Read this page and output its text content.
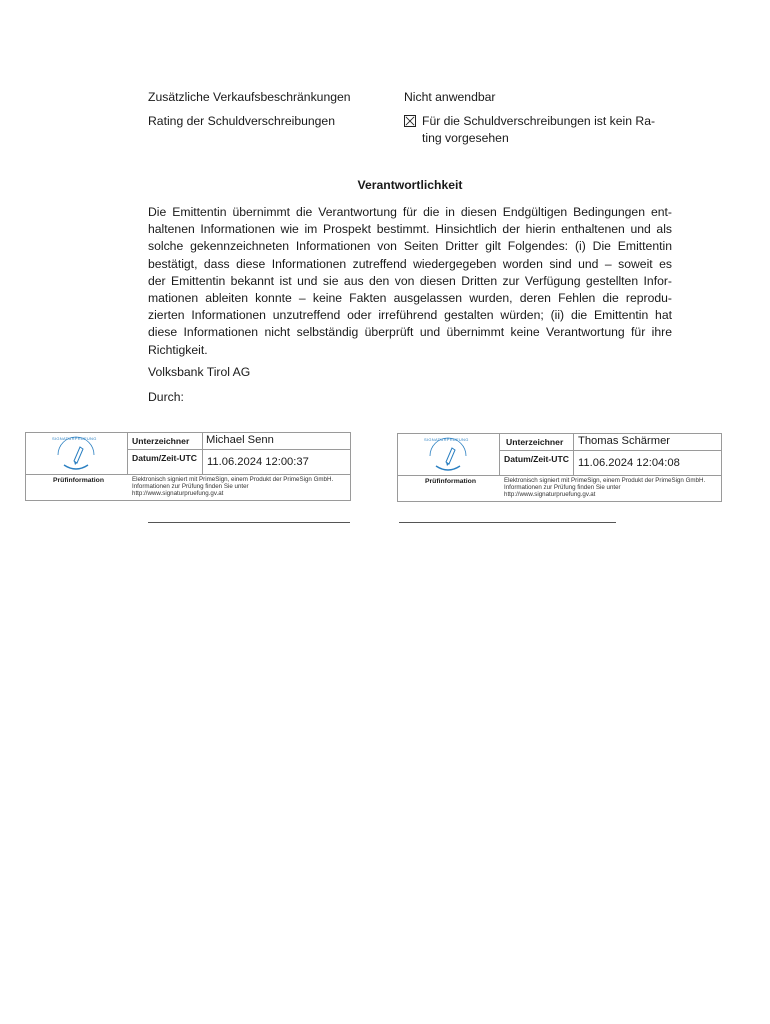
Zusätzliche Verkaufsbeschränkungen	Nicht anwendbar
Rating der Schuldverschreibungen	Für die Schuldverschreibungen ist kein Ra-
ting vorgesehen
Verantwortlichkeit
Die Emittentin übernimmt die Verantwortung für die in diesen Endgültigen Bedingungen ent-
haltenen Informationen wie im Prospekt bestimmt. Hinsichtlich der hierin enthaltenen und als
solche gekennzeichneten Informationen von Seiten Dritter gilt Folgendes: (i) Die Emittentin
bestätigt, dass diese Informationen zutreffend wiedergegeben worden sind und – soweit es
der Emittentin bekannt ist und sie aus den von diesen Dritten zur Verfügung gestellten Infor-
mationen ableiten konnte – keine Fakten ausgelassen wurden, deren Fehlen die reprodu-
zierten Informationen unzutreffend oder irreführend gestalten würden; (ii) die Emittentin hat
diese Informationen nicht selbständig überprüft und übernimmt keine Verantwortung für ihre
Richtigkeit.
Volksbank Tirol AG
Durch:
SIGNATURPRÜFUNG	Unterzeichner Michael Senn
Datum/Zeit-UTC 11.06.2024 12:00:37
Prüfinformation	Elektronisch signiert mit PrimeSign, einem Produkt der PrimeSign GmbH.
Informationen zur Prüfung finden Sie unter
http://www.signaturpruefung.gv.at
SIGNATURPRÜFUNG	Unterzeichner Thomas Schärmer
Datum/Zeit-UTC 11.06.2024 12:04:08
Prüfinformation	Elektronisch signiert mit PrimeSign, einem Produkt der PrimeSign GmbH.
Informationen zur Prüfung finden Sie unter
http://www.signaturpruefung.gv.at
